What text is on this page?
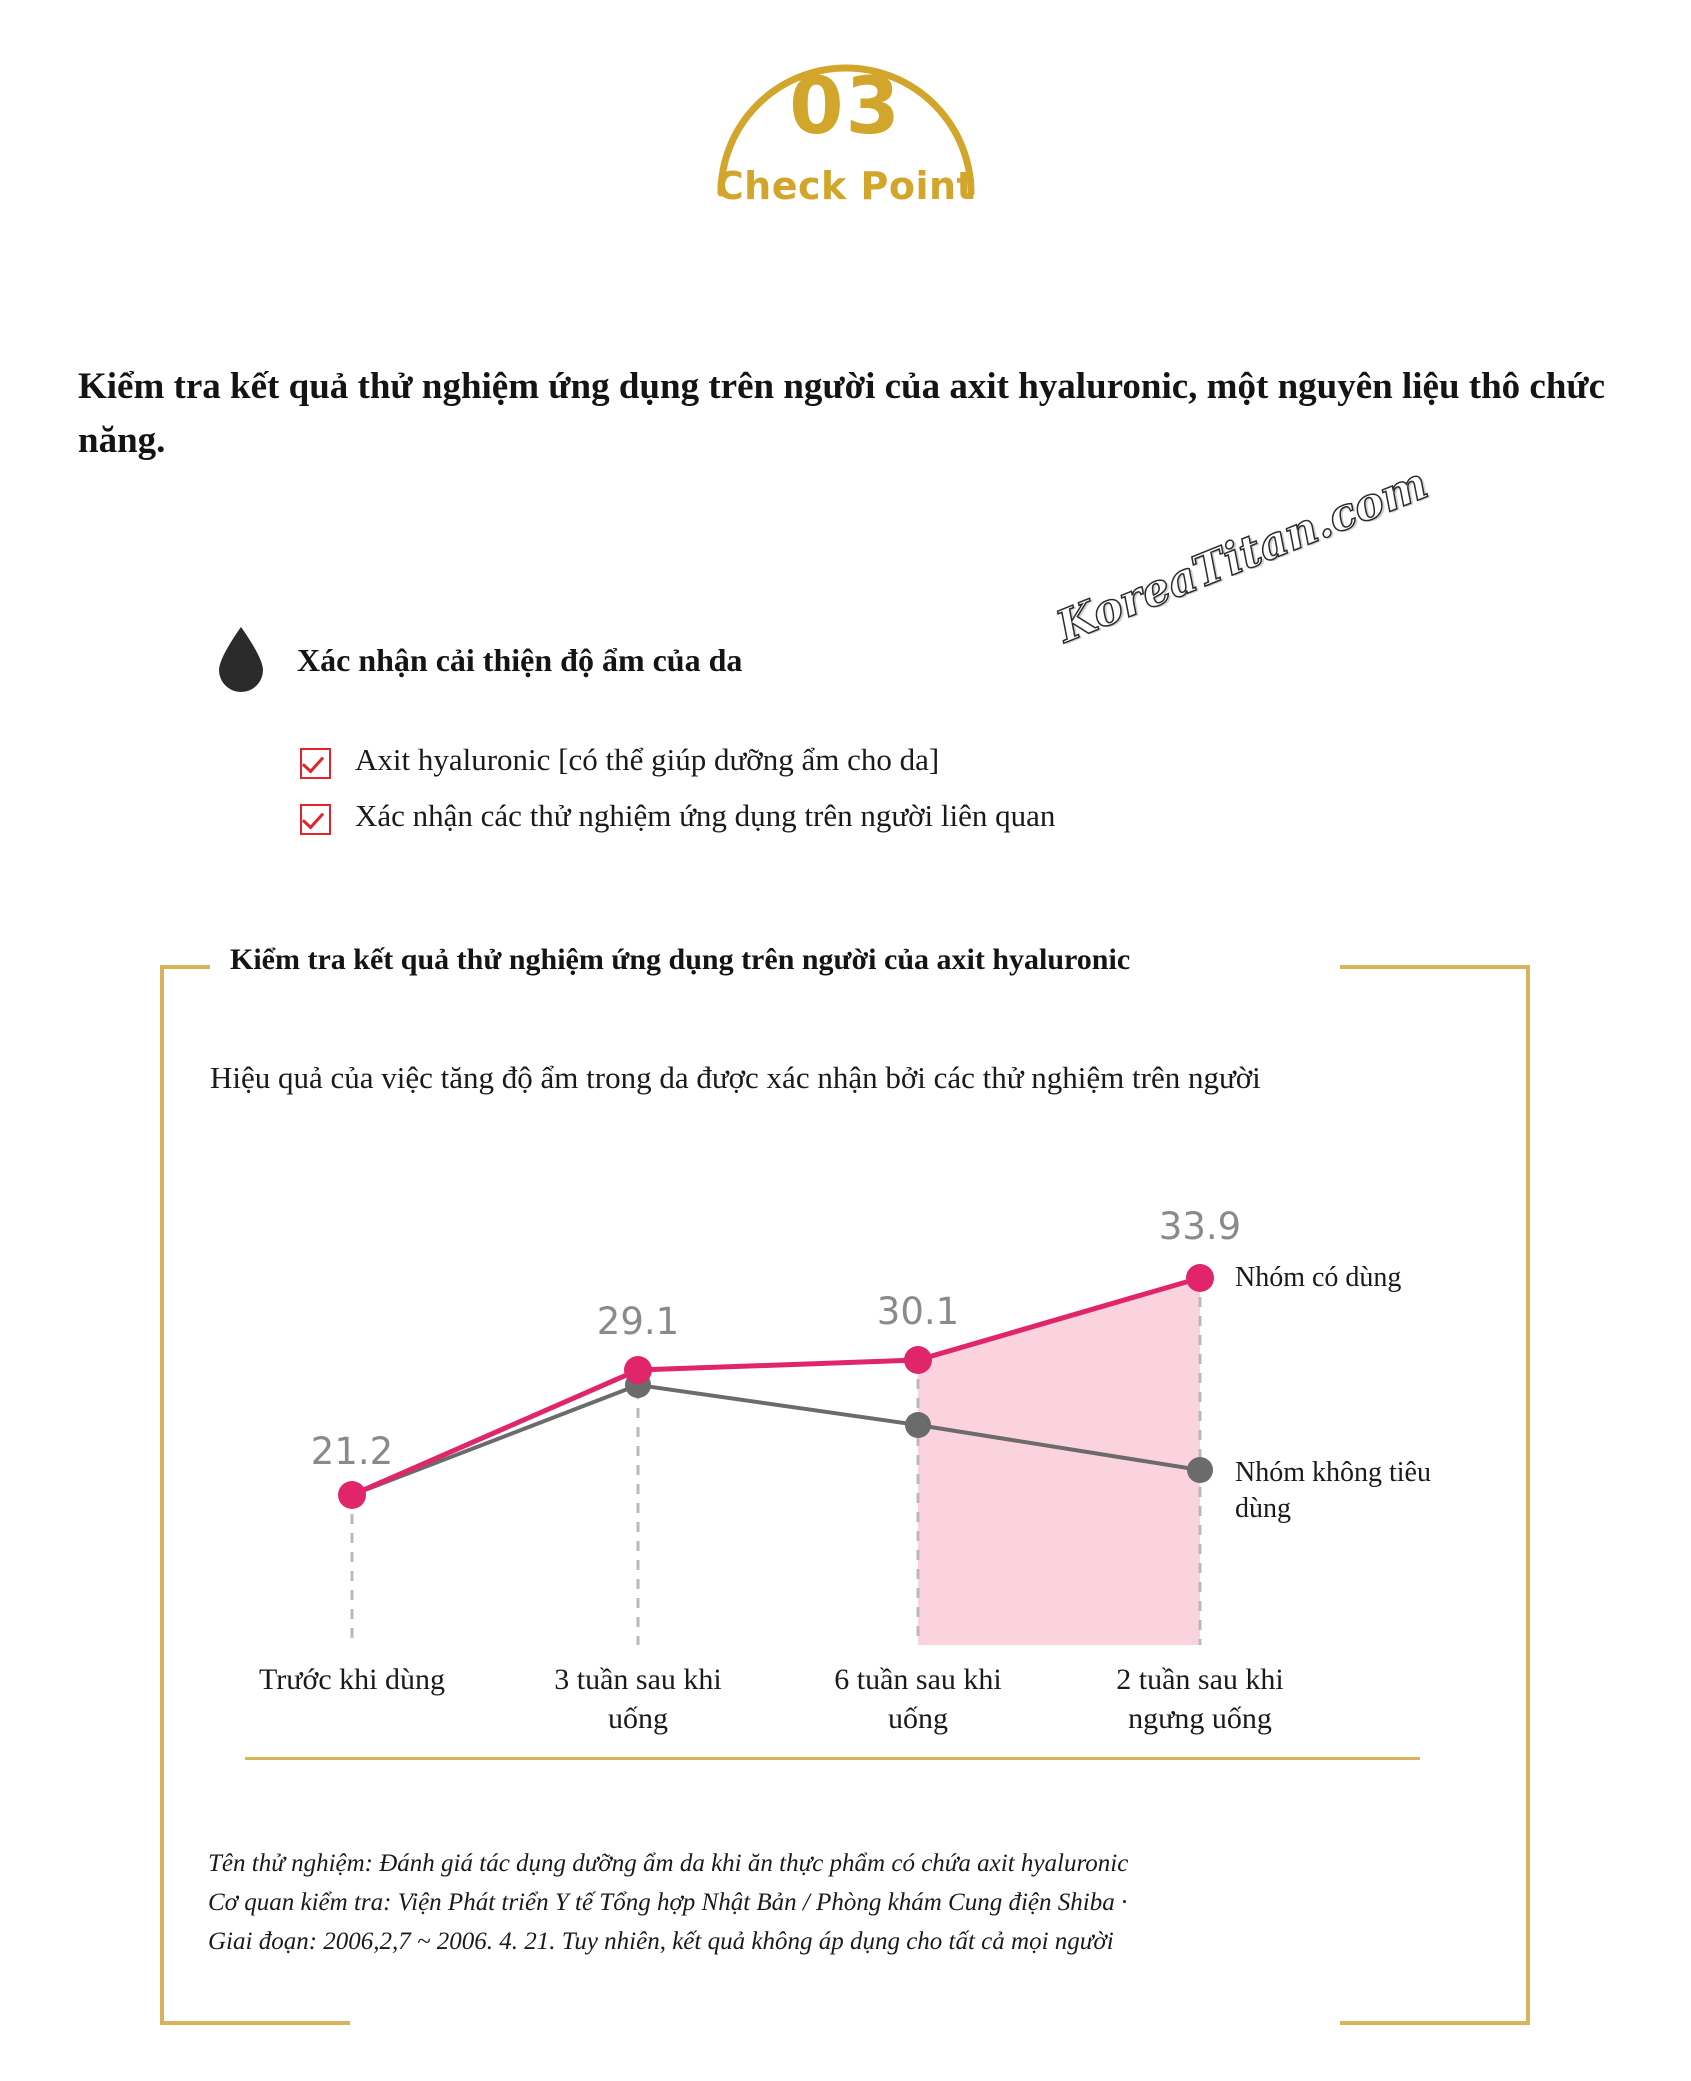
03
Check Point
Kiểm tra kết quả thử nghiệm ứng dụng trên người của axit hyaluronic, một nguyên liệu thô chức năng.
KoreaTitan.com
Xác nhận cải thiện độ ẩm của da
Axit hyaluronic [có thể giúp dưỡng ẩm cho da]
Xác nhận các thử nghiệm ứng dụng trên người liên quan
Kiểm tra kết quả thử nghiệm ứng dụng trên người của axit hyaluronic
Hiệu quả của việc tăng độ ẩm trong da được xác nhận bởi các thử nghiệm trên người
21.2
29.1	30.1
33.9
Trước khi dùng	3 tuần sau khi uống
6 tuần sau khi uống
2 tuần sau khi ngưng uống
Nhóm có dùng
Nhóm không tiêu dùng
Tên thử nghiệm: Đánh giá tác dụng dưỡng ẩm da khi ăn thực phẩm có chứa axit hyaluronic
Cơ quan kiểm tra: Viện Phát triển Y tế Tổng hợp Nhật Bản / Phòng khám Cung điện Shiba ·
Giai đoạn: 2006,2,7 ~ 2006. 4. 21. Tuy nhiên, kết quả không áp dụng cho tất cả mọi người
